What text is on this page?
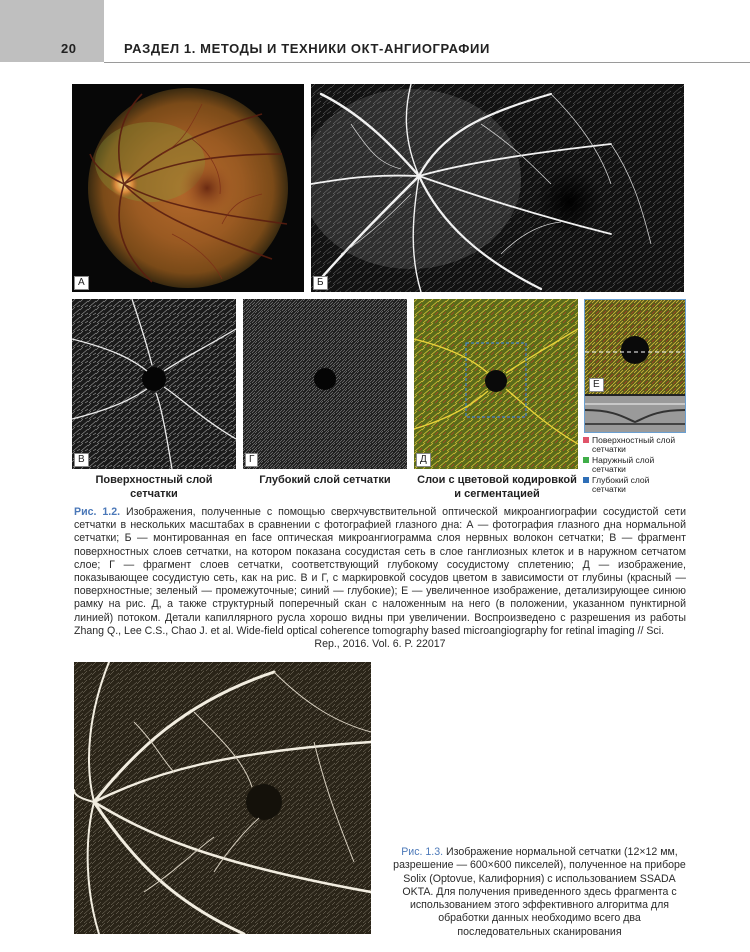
20	РАЗДЕЛ 1. МЕТОДЫ И ТЕХНИКИ ОКТ-АНГИОГРАФИИ
А	Б
В	Г	Д
Е
Поверхностный слой сетчатки
Наружный слой сетчатки
Глубокий слой сетчатки
Поверхностный слой
сетчатки
Глубокий слой сетчатки	Слои с цветовой кодировкой
и сегментацией
Рис. 1.2. Изображения, полученные с помощью сверхчувствительной оптической микроангиографии сосудистой сети сетчатки в нескольких масштабах в сравнении с фотографией глазного дна: А — фотография глазного дна нормальной сетчатки; Б — монтированная en face оптическая микроангиограмма слоя нервных волокон сетчатки; В — фрагмент поверхностных слоев сетчатки, на котором показана сосудистая сеть в слое ганглиозных клеток и в наружном сетчатом слое; Г — фрагмент слоев сетчатки, соответствующий глубокому сосудистому сплетению; Д — изображение, показывающее сосудистую сеть, как на рис. В и Г, с маркировкой сосудов цветом в зависимости от глубины (красный — поверхностные; зеленый — промежуточные; синий — глубокие); Е — увеличенное изображение, детализирующее синюю рамку на рис. Д, а также структурный поперечный скан с наложенным на него (в положении, указанном пунктирной линией) потоком. Детали капиллярного русла хорошо видны при увеличении. Воспроизведено с разрешения из работы Zhang Q., Lee C.S., Chao J. et al. Wide-field optical coherence tomography based microangiography for retinal imaging // Sci.
Rep., 2016. Vol. 6. P. 22017
Рис. 1.3. Изображение нормальной сетчатки (12×12 мм, разрешение — 600×600 пикселей), полученное на приборе Solix (Optovue, Калифорния) с использованием SSADA OKTA. Для получения приведенного здесь фрагмента с использованием этого эффективного алгоритма для обработки данных необходимо всего два последовательных сканирования
